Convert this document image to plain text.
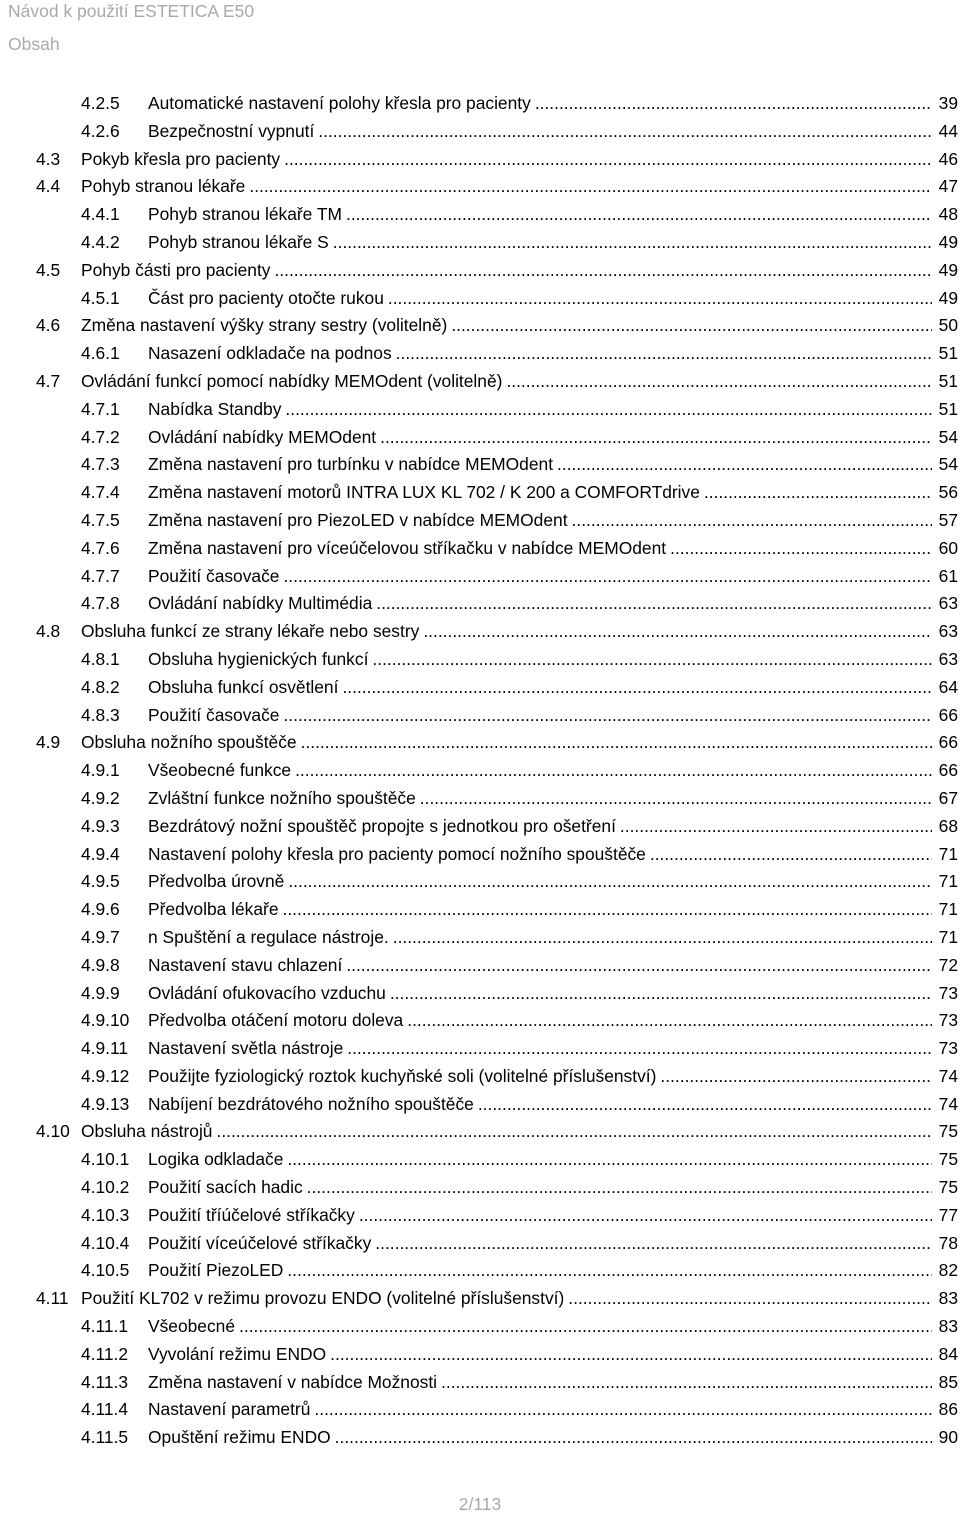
Návod k použití ESTETICA E50
Obsah
4.2.5	Automatické nastavení polohy křesla pro pacienty .....	39
4.2.6	Bezpečnostní vypnutí .....	44
4.3	Pokyb křesla pro pacienty .....	46
4.4	Pohyb stranou lékaře .....	47
4.4.1	Pohyb stranou lékaře TM .....	48
4.4.2	Pohyb stranou lékaře S .....	49
4.5	Pohyb části pro pacienty .....	49
4.5.1	Část pro pacienty otočte rukou .....	49
4.6	Změna nastavení výšky strany sestry (volitelně) .....	50
4.6.1	Nasazení odkladače na podnos .....	51
4.7	Ovládání funkcí pomocí nabídky MEMOdent (volitelně) .....	51
4.7.1	Nabídka Standby .....	51
4.7.2	Ovládání nabídky MEMOdent .....	54
4.7.3	Změna nastavení pro turbínku v nabídce MEMOdent .....	54
4.7.4	Změna nastavení motorů INTRA LUX KL 702 / K 200 a COMFORTdrive .....	56
4.7.5	Změna nastavení pro PiezoLED v nabídce MEMOdent .....	57
4.7.6	Změna nastavení pro víceúčelovou stříkačku v nabídce MEMOdent .....	60
4.7.7	Použití časovače .....	61
4.7.8	Ovládání nabídky Multimédia .....	63
4.8	Obsluha funkcí ze strany lékaře nebo sestry .....	63
4.8.1	Obsluha hygienických funkcí .....	63
4.8.2	Obsluha funkcí osvětlení .....	64
4.8.3	Použití časovače .....	66
4.9	Obsluha nožního spouštěče .....	66
4.9.1	Všeobecné funkce .....	66
4.9.2	Zvláštní funkce nožního spouštěče .....	67
4.9.3	Bezdrátový nožní spouštěč propojte s jednotkou pro ošetření .....	68
4.9.4	Nastavení polohy křesla pro pacienty pomocí nožního spouštěče .....	71
4.9.5	Předvolba úrovně .....	71
4.9.6	Předvolba lékaře .....	71
4.9.7	n Spuštění a regulace nástroje. .....	71
4.9.8	Nastavení stavu chlazení .....	72
4.9.9	Ovládání ofukovacího vzduchu .....	73
4.9.10	Předvolba otáčení motoru doleva .....	73
4.9.11	Nastavení světla nástroje .....	73
4.9.12	Použijte fyziologický roztok kuchyňské soli (volitelné příslušenství) .....	74
4.9.13	Nabíjení bezdrátového nožního spouštěče .....	74
4.10 Obsluha nástrojů .....	75
4.10.1	Logika odkladače .....	75
4.10.2	Použití sacích hadic .....	75
4.10.3	Použití tříúčelové stříkačky .....	77
4.10.4	Použití víceúčelové stříkačky .....	78
4.10.5	Použití PiezoLED .....	82
4.11 Použití KL702 v režimu provozu ENDO (volitelné příslušenství) .....	83
4.11.1	Všeobecné .....	83
4.11.2	Vyvolání režimu ENDO .....	84
4.11.3	Změna nastavení v nabídce Možnosti .....	85
4.11.4	Nastavení parametrů .....	86
4.11.5	Opuštění režimu ENDO .....	90
2/113
